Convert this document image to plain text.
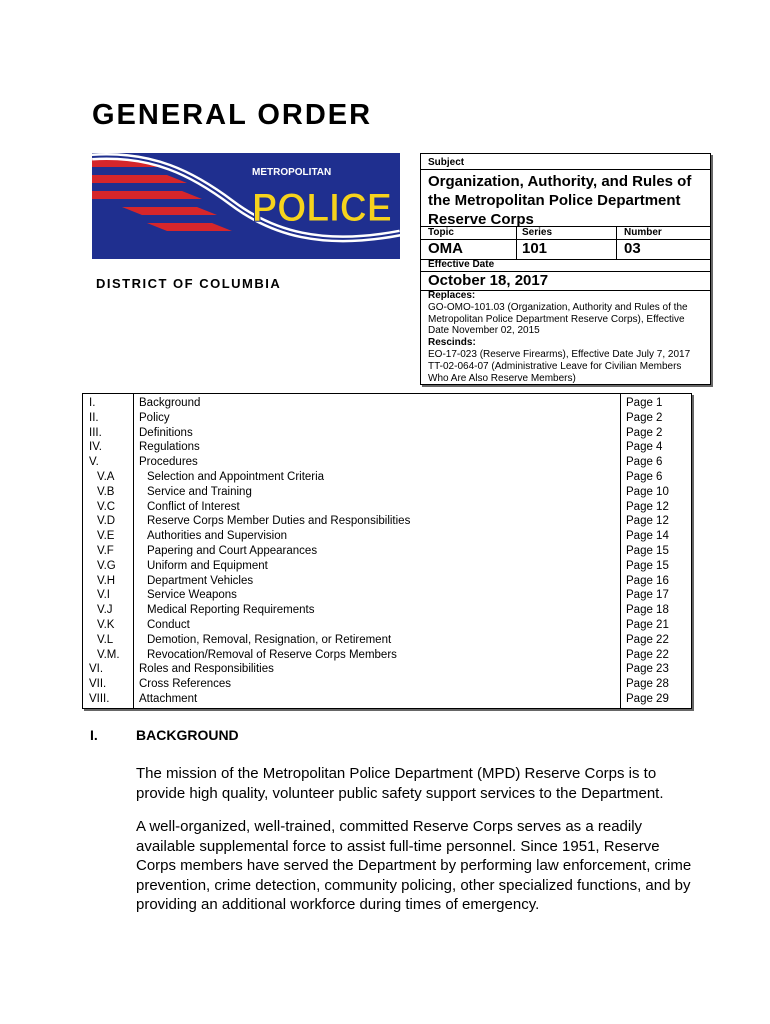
GENERAL ORDER
METROPOLITAN
POLICE
DISTRICT OF COLUMBIA
Subject
Organization, Authority, and Rules of the Metropolitan Police Department Reserve Corps
Topic	Series	Number
OMA	101	03
Effective Date
October 18, 2017
Replaces:
GO-OMO-101.03 (Organization, Authority and Rules of the Metropolitan Police Department Reserve Corps), Effective Date November 02, 2015
Rescinds:
EO-17-023 (Reserve Firearms), Effective Date July 7, 2017
TT-02-064-07 (Administrative Leave for Civilian Members Who Are Also Reserve Members)
I.	Background	Page 1
II.	Policy	Page 2
III.	Definitions	Page 2
IV.	Regulations	Page 4
V.	Procedures	Page 6
V.A	Selection and Appointment Criteria	Page 6
V.B	Service and Training	Page 10
V.C	Conflict of Interest	Page 12
V.D	Reserve Corps Member Duties and Responsibilities	Page 12
V.E	Authorities and Supervision	Page 14
V.F	Papering and Court Appearances	Page 15
V.G	Uniform and Equipment	Page 15
V.H	Department Vehicles	Page 16
V.I	Service Weapons	Page 17
V.J	Medical Reporting Requirements	Page 18
V.K	Conduct	Page 21
V.L	Demotion, Removal, Resignation, or Retirement	Page 22
V.M. Revocation/Removal of Reserve Corps Members	Page 22
VI.	Roles and Responsibilities	Page 23
VII.	Cross References	Page 28
VIII.	Attachment	Page 29
I.	BACKGROUND
The mission of the Metropolitan Police Department (MPD) Reserve Corps is to provide high quality, volunteer public safety support services to the Department.
A well-organized, well-trained, committed Reserve Corps serves as a readily available supplemental force to assist full-time personnel. Since 1951, Reserve Corps members have served the Department by performing law enforcement, crime prevention, crime detection, community policing, other specialized functions, and by providing an additional workforce during times of emergency.
